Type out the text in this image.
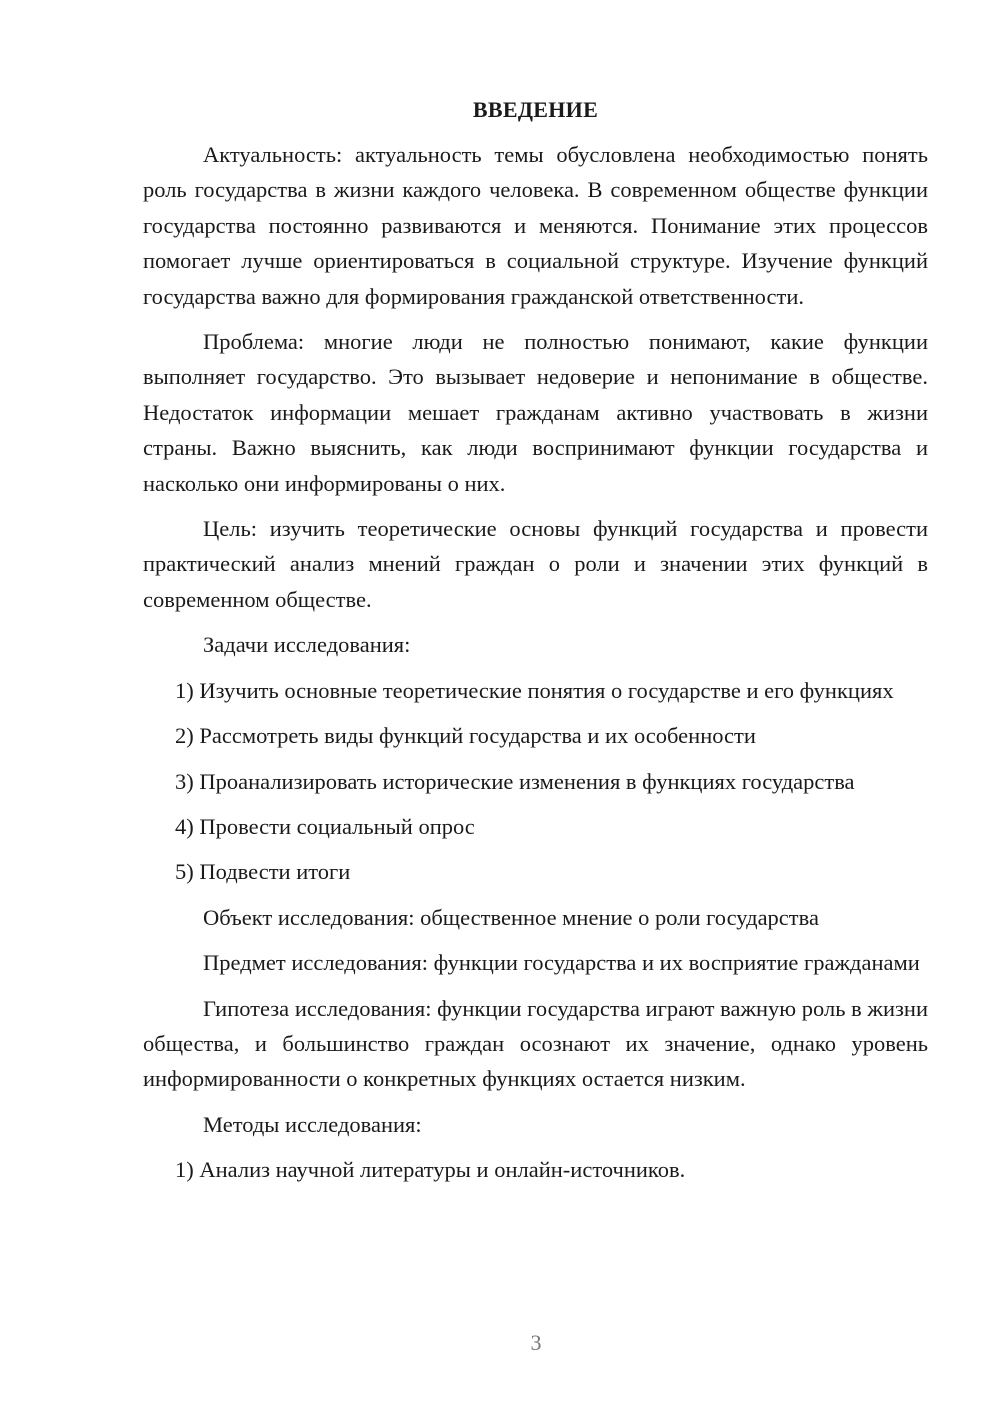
ВВЕДЕНИЕ

Актуальность: актуальность темы обусловлена необходимостью понять роль государства в жизни каждого человека. В современном обществе функции государства постоянно развиваются и меняются. Понимание этих процессов помогает лучше ориентироваться в социальной структуре. Изучение функций государства важно для формирования гражданской ответственности.

Проблема: многие люди не полностью понимают, какие функции выполняет государство. Это вызывает недоверие и непонимание в обществе. Недостаток информации мешает гражданам активно участвовать в жизни страны. Важно выяснить, как люди воспринимают функции государства и насколько они информированы о них.

Цель: изучить теоретические основы функций государства и провести практический анализ мнений граждан о роли и значении этих функций в современном обществе.

Задачи исследования:

1) Изучить основные теоретические понятия о государстве и его функциях

2) Рассмотреть виды функций государства и их особенности

3) Проанализировать исторические изменения в функциях государства

4) Провести социальный опрос

5) Подвести итоги

Объект исследования: общественное мнение о роли государства

Предмет исследования: функции государства и их восприятие гражданами

Гипотеза исследования: функции государства играют важную роль в жизни общества, и большинство граждан осознают их значение, однако уровень информированности о конкретных функциях остается низким.

Методы исследования:

1) Анализ научной литературы и онлайн-источников.

3
